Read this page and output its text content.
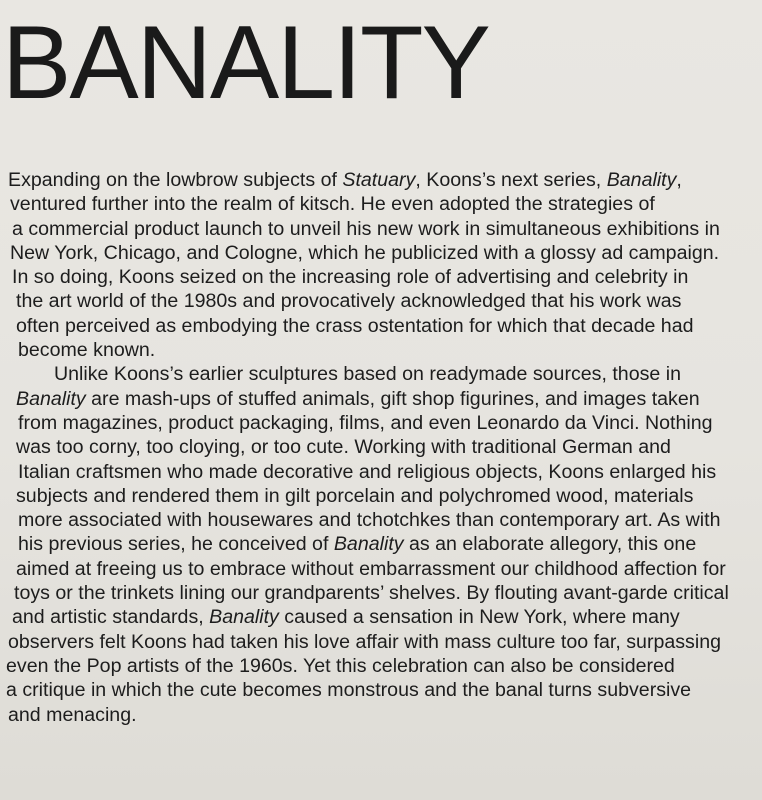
BANALITY
Expanding on the lowbrow subjects of Statuary, Koons’s next series, Banality,
ventured further into the realm of kitsch. He even adopted the strategies of
a commercial product launch to unveil his new work in simultaneous exhibitions in
New York, Chicago, and Cologne, which he publicized with a glossy ad campaign.
In so doing, Koons seized on the increasing role of advertising and celebrity in
the art world of the 1980s and provocatively acknowledged that his work was
often perceived as embodying the crass ostentation for which that decade had
become known.
Unlike Koons’s earlier sculptures based on readymade sources, those in
Banality are mash-ups of stuffed animals, gift shop figurines, and images taken
from magazines, product packaging, films, and even Leonardo da Vinci. Nothing
was too corny, too cloying, or too cute. Working with traditional German and
Italian craftsmen who made decorative and religious objects, Koons enlarged his
subjects and rendered them in gilt porcelain and polychromed wood, materials
more associated with housewares and tchotchkes than contemporary art. As with
his previous series, he conceived of Banality as an elaborate allegory, this one
aimed at freeing us to embrace without embarrassment our childhood affection for
toys or the trinkets lining our grandparents’ shelves. By flouting avant-garde critical
and artistic standards, Banality caused a sensation in New York, where many
observers felt Koons had taken his love affair with mass culture too far, surpassing
even the Pop artists of the 1960s. Yet this celebration can also be considered
a critique in which the cute becomes monstrous and the banal turns subversive
and menacing.
